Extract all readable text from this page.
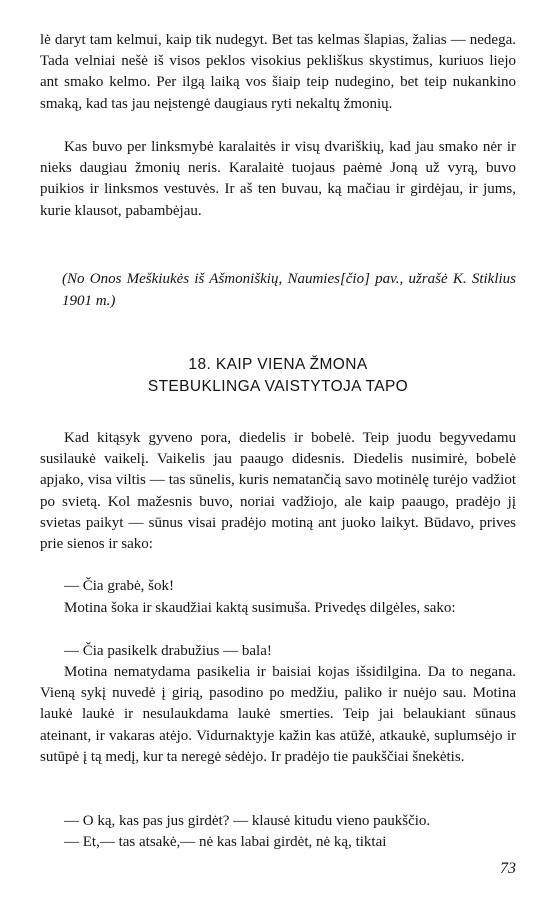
lė daryt tam kelmui, kaip tik nudegyt. Bet tas kelmas šlapias, žalias — nedega. Tada velniai nešė iš visos peklos visokius pekliškus skystimus, kuriuos liejo ant smako kelmo. Per ilgą laiką vos šiaip teip nudegino, bet teip nukankino smaką, kad tas jau neįstengė daugiaus ryti nekaltų žmonių.

Kas buvo per linksmybė karalaitės ir visų dvariškių, kad jau smako nėr ir nieks daugiau žmonių neris. Karalaitė tuojaus paėmė Joną už vyrą, buvo puikios ir linksmos vestuvės. Ir aš ten buvau, ką mačiau ir girdėjau, ir jums, kurie klausot, pabambėjau.

(No Onos Meškiukės iš Ašmoniškių, Naumies[čio] pav., užrašė K. Stiklius 1901 m.)

18. KAIP VIENA ŽMONA
STEBUKLINGA VAISTYTOJA TAPO

Kad kitąsyk gyveno pora, diedelis ir bobelė. Teip juodu begyvedamu susilaukė vaikelį. Vaikelis jau paaugo didesnis. Diedelis nusimirė, bobelė apjako, visa viltis — tas sūnelis, kuris nematančią savo motinėlę turėjo vadžiot po svietą. Kol mažesnis buvo, noriai vadžiojo, ale kaip paaugo, pradėjo jį svietas paikyt — sūnus visai pradėjo motiną ant juoko laikyt. Būdavo, prives prie sienos ir sako:

— Čia grabė, šok!

Motina šoka ir skaudžiai kaktą susimuša. Privedęs dilgėles, sako:

— Čia pasikelk drabužius — bala!

Motina nematydama pasikelia ir baisiai kojas išsidilgina. Da to negana. Vieną sykį nuvedė į girią, pasodino po medžiu, paliko ir nuėjo sau. Motina laukė laukė ir nesulaukdama laukė smerties. Teip jai belaukiant sūnaus ateinant, ir vakaras atėjo. Vidurnaktyje kažin kas atūžė, atkaukė, suplumsėjo ir sutūpė į tą medį, kur ta neregė sėdėjo. Ir pradėjo tie paukščiai šnekėtis.

— O ką, kas pas jus girdėt? — klausė kitudu vieno paukščio.

— Et,— tas atsakė,— nė kas labai girdėt, nė ką, tiktai

73
